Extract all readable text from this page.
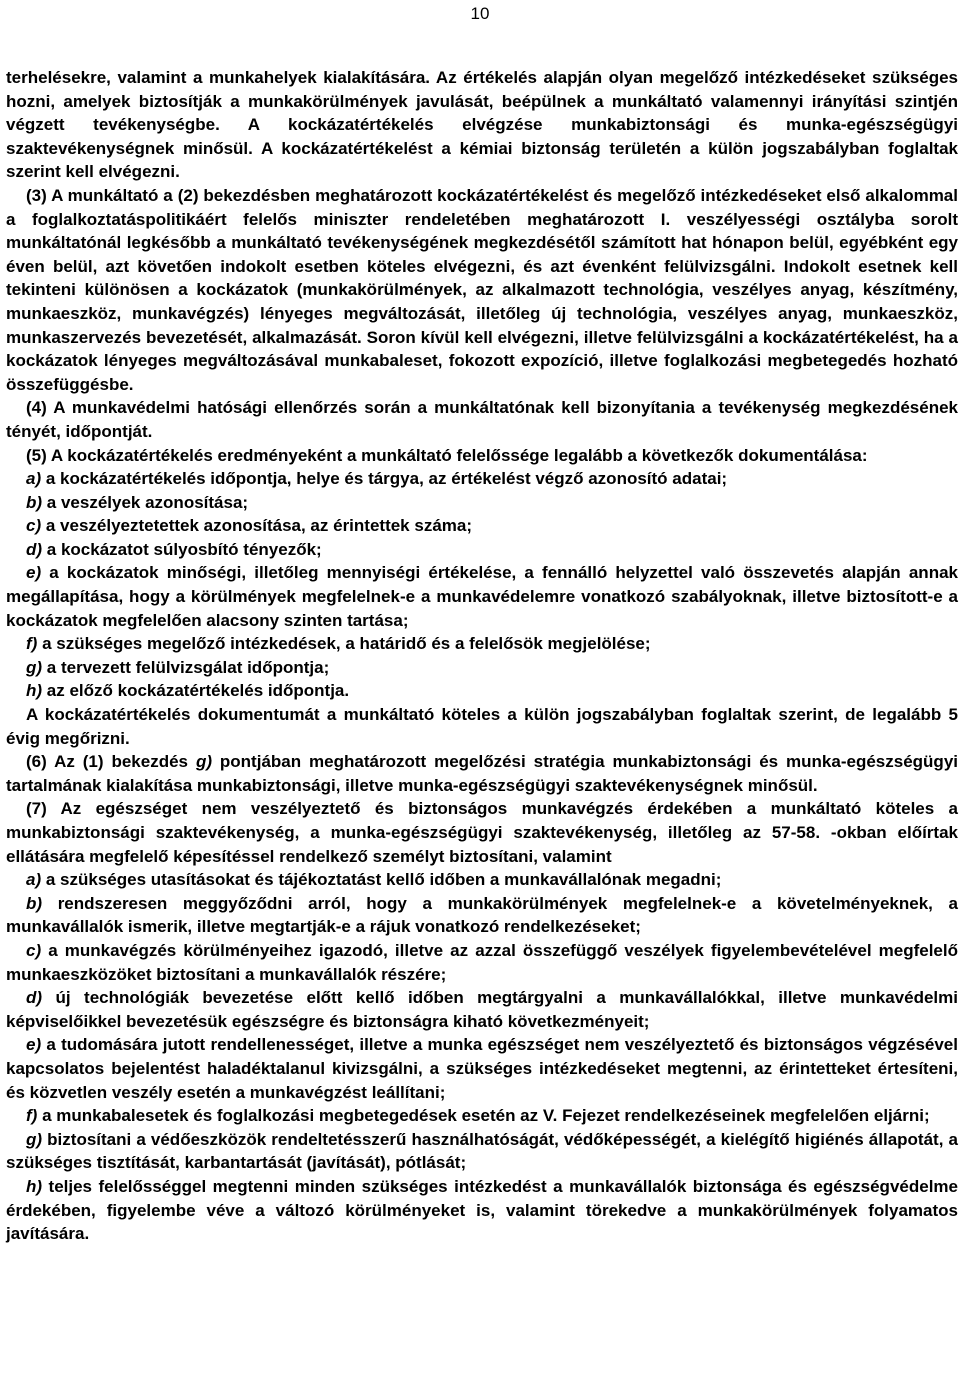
10

terhelésekre, valamint a munkahelyek kialakítására. Az értékelés alapján olyan megelőző intézkedéseket szükséges hozni, amelyek biztosítják a munkakörülmények javulását, beépülnek a munkáltató valamennyi irányítási szintjén végzett tevékenységbe. A kockázatértékelés elvégzése munkabiztonsági és munka-egészségügyi szaktevékenységnek minősül. A kockázatértékelést a kémiai biztonság területén a külön jogszabályban foglaltak szerint kell elvégezni.

(3) A munkáltató a (2) bekezdésben meghatározott kockázatértékelést és megelőző intézkedéseket első alkalommal a foglalkoztatáspolitikáért felelős miniszter rendeletében meghatározott I. veszélyességi osztályba sorolt munkáltatónál legkésőbb a munkáltató tevékenységének megkezdésétől számított hat hónapon belül, egyébként egy éven belül, azt követően indokolt esetben köteles elvégezni, és azt évenként felülvizsgálni. Indokolt esetnek kell tekinteni különösen a kockázatok (munkakörülmények, az alkalmazott technológia, veszélyes anyag, készítmény, munkaeszköz, munkavégzés) lényeges megváltozását, illetőleg új technológia, veszélyes anyag, munkaeszköz, munkaszervezés bevezetését, alkalmazását. Soron kívül kell elvégezni, illetve felülvizsgálni a kockázatértékelést, ha a kockázatok lényeges megváltozásával munkabaleset, fokozott expozíció, illetve foglalkozási megbetegedés hozható összefüggésbe.

(4) A munkavédelmi hatósági ellenőrzés során a munkáltatónak kell bizonyítania a tevékenység megkezdésének tényét, időpontját.

(5) A kockázatértékelés eredményeként a munkáltató felelőssége legalább a következők dokumentálása:

a) a kockázatértékelés időpontja, helye és tárgya, az értékelést végző azonosító adatai;

b) a veszélyek azonosítása;

c) a veszélyeztetettek azonosítása, az érintettek száma;

d) a kockázatot súlyosbító tényezők;

e) a kockázatok minőségi, illetőleg mennyiségi értékelése, a fennálló helyzettel való összevetés alapján annak megállapítása, hogy a körülmények megfelelnek-e a munkavédelemre vonatkozó szabályoknak, illetve biztosított-e a kockázatok megfelelően alacsony szinten tartása;

f) a szükséges megelőző intézkedések, a határidő és a felelősök megjelölése;

g) a tervezett felülvizsgálat időpontja;

h) az előző kockázatértékelés időpontja.

A kockázatértékelés dokumentumát a munkáltató köteles a külön jogszabályban foglaltak szerint, de legalább 5 évig megőrizni.

(6) Az (1) bekezdés g) pontjában meghatározott megelőzési stratégia munkabiztonsági és munka-egészségügyi tartalmának kialakítása munkabiztonsági, illetve munka-egészségügyi szaktevékenységnek minősül.

(7) Az egészséget nem veszélyeztető és biztonságos munkavégzés érdekében a munkáltató köteles a munkabiztonsági szaktevékenység, a munka-egészségügyi szaktevékenység, illetőleg az 57-58. -okban előírtak ellátására megfelelő képesítéssel rendelkező személyt biztosítani, valamint

a) a szükséges utasításokat és tájékoztatást kellő időben a munkavállalónak megadni;

b) rendszeresen meggyőződni arról, hogy a munkakörülmények megfelelnek-e a követelményeknek, a munkavállalók ismerik, illetve megtartják-e a rájuk vonatkozó rendelkezéseket;

c) a munkavégzés körülményeihez igazodó, illetve az azzal összefüggő veszélyek figyelembevételével megfelelő munkaeszközöket biztosítani a munkavállalók részére;

d) új technológiák bevezetése előtt kellő időben megtárgyalni a munkavállalókkal, illetve munkavédelmi képviselőikkel bevezetésük egészségre és biztonságra kiható következményeit;

e) a tudomására jutott rendellenességet, illetve a munka egészséget nem veszélyeztető és biztonságos végzésével kapcsolatos bejelentést haladéktalanul kivizsgálni, a szükséges intézkedéseket megtenni, az érintetteket értesíteni, és közvetlen veszély esetén a munkavégzést leállítani;

f) a munkabalesetek és foglalkozási megbetegedések esetén az V. Fejezet rendelkezéseinek megfelelően eljárni;

g) biztosítani a védőeszközök rendeltetésszerű használhatóságát, védőképességét, a kielégítő higiénés állapotát, a szükséges tisztítását, karbantartását (javítását), pótlását;

h) teljes felelősséggel megtenni minden szükséges intézkedést a munkavállalók biztonsága és egészségvédelme érdekében, figyelembe véve a változó körülményeket is, valamint törekedve a munkakörülmények folyamatos javítására.
